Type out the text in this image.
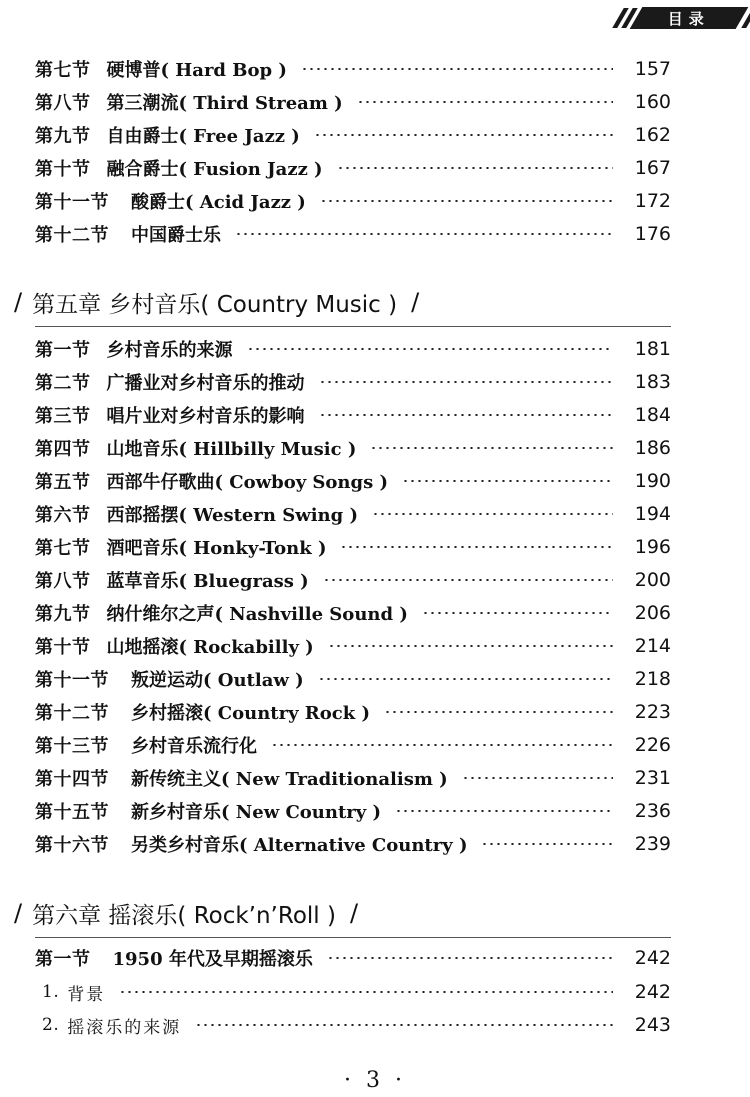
目录
第七节 硬博普( Hard Bop )	157
第八节 第三潮流( Third Stream )	160
第九节 自由爵士( Free Jazz )	162
第十节 融合爵士( Fusion Jazz )	167
第十一节 酸爵士( Acid Jazz )	172
第十二节 中国爵士乐	176
/ 第五章 乡村音乐( Country Music ) /
第一节 乡村音乐的来源	181
第二节 广播业对乡村音乐的推动	183
第三节 唱片业对乡村音乐的影响	184
第四节 山地音乐( Hillbilly Music )	186
第五节 西部牛仔歌曲( Cowboy Songs )	190
第六节 西部摇摆( Western Swing )	194
第七节 酒吧音乐( Honky-Tonk )	196
第八节 蓝草音乐( Bluegrass )	200
第九节 纳什维尔之声( Nashville Sound )	206
第十节 山地摇滚( Rockabilly )	214
第十一节 叛逆运动( Outlaw )	218
第十二节 乡村摇滚( Country Rock )	223
第十三节 乡村音乐流行化	226
第十四节 新传统主义( New Traditionalism )	231
第十五节 新乡村音乐( New Country )	236
第十六节 另类乡村音乐( Alternative Country )	239
/ 第六章 摇滚乐( Rock’n’Roll ) /
第一节 1950 年代及早期摇滚乐	242
1. 背景	242
2. 摇滚乐的来源	243
· 3 ·
